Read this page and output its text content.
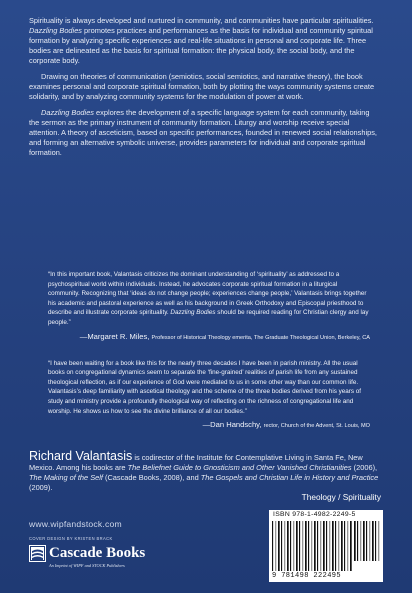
Spirituality is always developed and nurtured in community, and communities have particular spiritualities. Dazzling Bodies promotes practices and performances as the basis for individual and community spiritual formation by analyzing specific experiences and real-life situations in personal and corporate life. Three bodies are delineated as the basis for spiritual formation: the physical body, the social body, and the corporate body.

Drawing on theories of communication (semiotics, social semiotics, and narrative theory), the book examines personal and corporate spiritual formation, both by plotting the ways community systems create solidarity, and by analyzing community systems for the modulation of power at work.

Dazzling Bodies explores the development of a specific language system for each community, taking the sermon as the primary instrument of community formation. Liturgy and worship receive special attention. A theory of asceticism, based on specific performances, founded in renewed social relationships, and forming an alternative symbolic universe, provides parameters for individual and corporate spiritual formation.

“In this important book, Valantasis criticizes the dominant understanding of ‘spirituality’ as addressed to a psychospiritual world within individuals. Instead, he advocates corporate spiritual formation in a liturgical community. Recognizing that ‘ideas do not change people; experiences change people,’ Valantasis brings together his academic and pastoral experience as well as his background in Greek Orthodoxy and Episcopal priesthood to describe and illustrate corporate spirituality. Dazzling Bodies should be required reading for Christian clergy and lay people.”

—Margaret R. Miles, Professor of Historical Theology emerita, The Graduate Theological Union, Berkeley, CA

“I have been waiting for a book like this for the nearly three decades I have been in parish ministry. All the usual books on congregational dynamics seem to separate the ‘fine-grained’ realities of parish life from any sustained theological reflection, as if our experience of God were mediated to us in some other way than our common life. Valantasis’s deep familiarity with ascetical theology and the scheme of the three bodies derived from his years of study and ministry provide a profoundly theological way of reflecting on the richness of congregational life and worship. He shows us how to see the divine brilliance of all our bodies.”

—Dan Handschy, rector, Church of the Advent, St. Louis, MO

Richard Valantasis is codirector of the Institute for Contemplative Living in Santa Fe, New Mexico. Among his books are The Beliefnet Guide to Gnosticism and Other Vanished Christianities (2006), The Making of the Self (Cascade Books, 2008), and The Gospels and Christian Life in History and Practice (2009).
Theology / Spirituality
www.wipfandstock.com
COVER DESIGN BY KRISTEN BRACK
Cascade Books
An Imprint of WIPF and STOCK Publishers
ISBN 978-1-4982-2249-5
9 781498 222495
